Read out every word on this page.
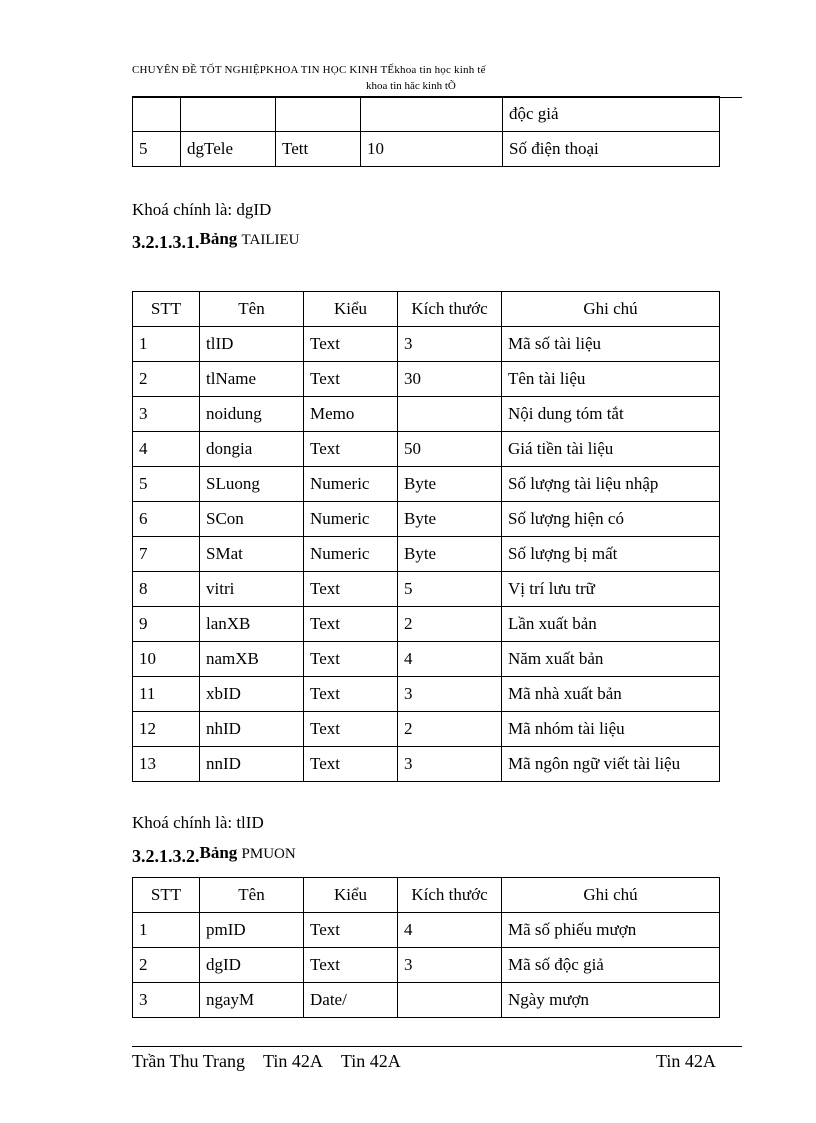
CHUYÊN ĐỀ TỐT NGHIỆPKHOA TIN HỌC KINH TẾkhoa tin học kinh tế
khoa tin hăc kinh tÕ
				độc giả
5	dgTele	Tett	10	Số điện thoại
Khoá chính là: dgID
3.2.1.3.1.Bảng TAILIEU
STT	Tên	Kiểu	Kích thước	Ghi chú
1	tlID	Text	3	Mã số tài liệu
2	tlName	Text	30	Tên tài liệu
3	noidung	Memo		Nội dung tóm tắt
4	dongia	Text	50	Giá tiền tài liệu
5	SLuong	Numeric	Byte	Số lượng tài liệu nhập
6	SCon	Numeric	Byte	Số lượng hiện có
7	SMat	Numeric	Byte	Số lượng bị mất
8	vitri	Text	5	Vị trí lưu trữ
9	lanXB	Text	2	Lần xuất bản
10	namXB	Text	4	Năm xuất bản
11	xbID	Text	3	Mã nhà xuất bản
12	nhID	Text	2	Mã nhóm tài liệu
13	nnID	Text	3	Mã ngôn ngữ viết tài liệu
Khoá chính là: tlID
3.2.1.3.2.Bảng PMUON
STT	Tên	Kiểu	Kích thước	Ghi chú
1	pmID	Text	4	Mã số phiếu mượn
2	dgID	Text	3	Mã số độc giả
3	ngayM	Date/		Ngày mượn
Trần Thu Trang Tin 42A Tin 42A	Tin 42A
